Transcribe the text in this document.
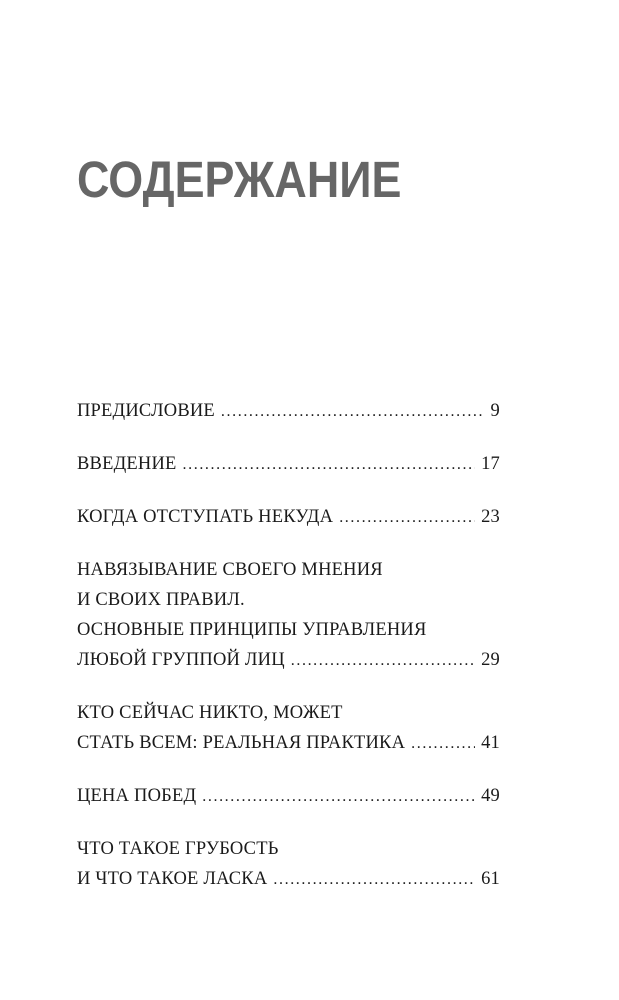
СОДЕРЖАНИЕ
ПРЕДИСЛОВИЕ .....	9
ВВЕДЕНИЕ .....	17
КОГДА ОТСТУПАТЬ НЕКУДА .....	23
НАВЯЗЫВАНИЕ СВОЕГО МНЕНИЯ
И СВОИХ ПРАВИЛ.
ОСНОВНЫЕ ПРИНЦИПЫ УПРАВЛЕНИЯ
ЛЮБОЙ ГРУППОЙ ЛИЦ .....	29
КТО СЕЙЧАС НИКТО, МОЖЕТ
СТАТЬ ВСЕМ: РЕАЛЬНАЯ ПРАКТИКА .....	41
ЦЕНА ПОБЕД .....	49
ЧТО ТАКОЕ ГРУБОСТЬ
И ЧТО ТАКОЕ ЛАСКА .....	61
